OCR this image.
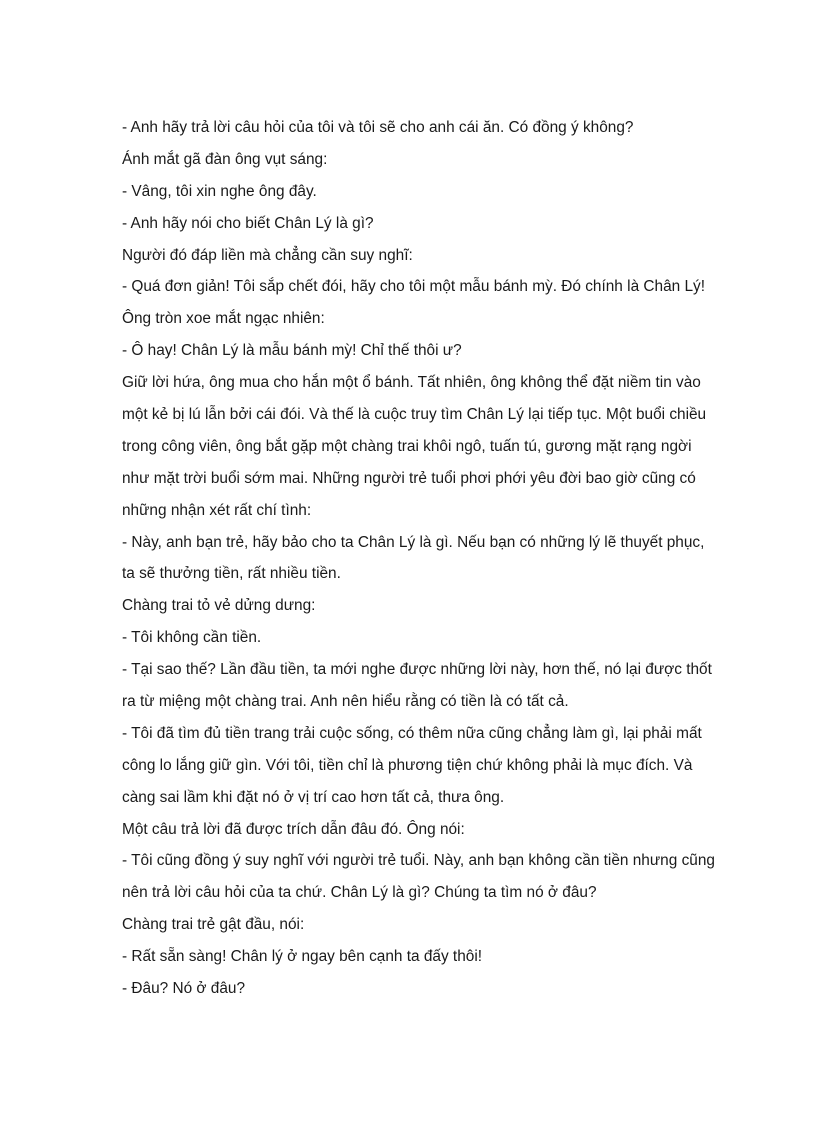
- Anh hãy trả lời câu hỏi của tôi và tôi sẽ cho anh cái ăn. Có đồng ý không?

Ánh mắt gã đàn ông vụt sáng:

- Vâng, tôi xin nghe ông đây.

- Anh hãy nói cho biết Chân Lý là gì?

Người đó đáp liền mà chẳng cần suy nghĩ:

- Quá đơn giản! Tôi sắp chết đói, hãy cho tôi một mẫu bánh mỳ. Đó chính là Chân Lý!

Ông tròn xoe mắt ngạc nhiên:

- Ô hay! Chân Lý là mẫu bánh mỳ! Chỉ thế thôi ư?

Giữ lời hứa, ông mua cho hắn một ổ bánh. Tất nhiên, ông không thể đặt niềm tin vào

một kẻ bị lú lẫn bởi cái đói. Và thế là cuộc truy tìm Chân Lý lại tiếp tục. Một buổi chiều

trong công viên, ông bắt gặp một chàng trai khôi ngô, tuấn tú, gương mặt rạng ngời

như mặt trời buổi sớm mai. Những người trẻ tuổi phơi phới yêu đời bao giờ cũng có

những nhận xét rất chí tình:

- Này, anh bạn trẻ, hãy bảo cho ta Chân Lý là gì. Nếu bạn có những lý lẽ thuyết phục,

ta sẽ thưởng tiền, rất nhiều tiền.

Chàng trai tỏ vẻ dửng dưng:

- Tôi không cần tiền.

- Tại sao thế? Lần đầu tiền, ta mới nghe được những lời này, hơn thế, nó lại được thốt

ra từ miệng một chàng trai. Anh nên hiểu rằng có tiền là có tất cả.

- Tôi đã tìm đủ tiền trang trải cuộc sống, có thêm nữa cũng chẳng làm gì, lại phải mất

công lo lắng giữ gìn. Với tôi, tiền chỉ là phương tiện chứ không phải là mục đích. Và

càng sai lầm khi đặt nó ở vị trí cao hơn tất cả, thưa ông.

Một câu trả lời đã được trích dẫn đâu đó. Ông nói:

- Tôi cũng đồng ý suy nghĩ với người trẻ tuổi. Này, anh bạn không cần tiền nhưng cũng

nên trả lời câu hỏi của ta chứ. Chân Lý là gì? Chúng ta tìm nó ở đâu?

Chàng trai trẻ gật đầu, nói:

- Rất sẵn sàng! Chân lý ở ngay bên cạnh ta đấy thôi!

- Đâu? Nó ở đâu?
